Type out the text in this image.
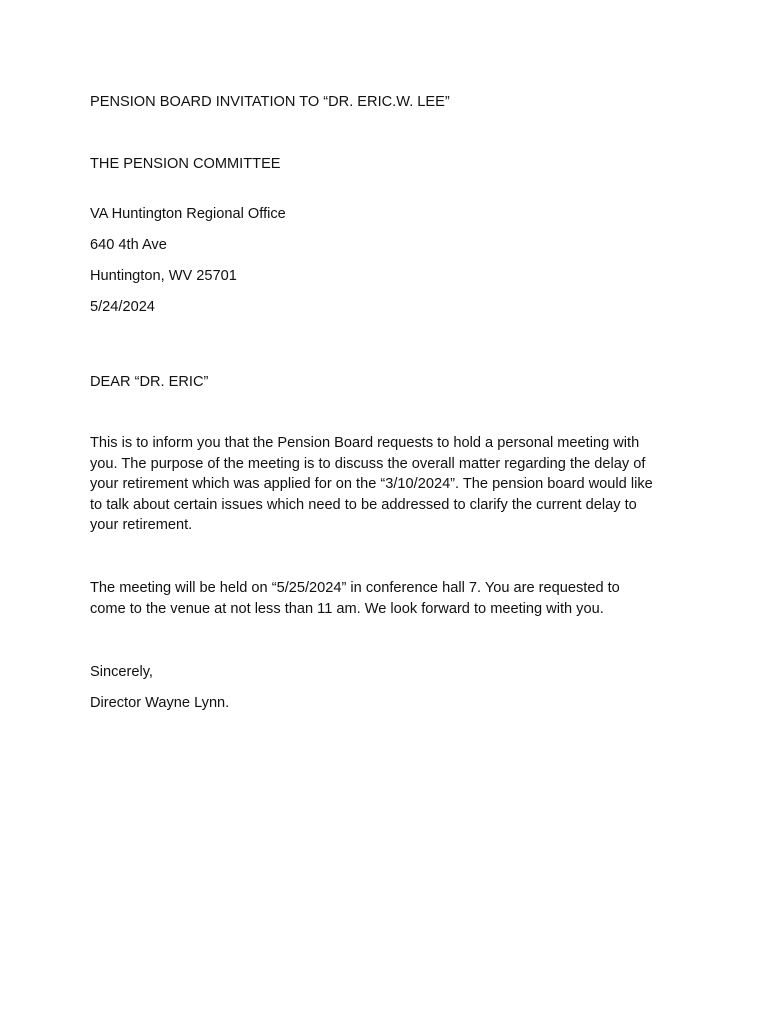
PENSION BOARD INVITATION TO “DR. ERIC.W. LEE”
THE PENSION COMMITTEE
VA Huntington Regional Office
640 4th Ave
Huntington, WV 25701
5/24/2024
DEAR “DR. ERIC”
This is to inform you that the Pension Board requests to hold a personal meeting with
you. The purpose of the meeting is to discuss the overall matter regarding the delay of
your retirement which was applied for on the “3/10/2024”. The pension board would like
to talk about certain issues which need to be addressed to clarify the current delay to
your retirement.
The meeting will be held on “5/25/2024” in conference hall 7. You are requested to
come to the venue at not less than 11 am. We look forward to meeting with you.
Sincerely,
Director Wayne Lynn.
